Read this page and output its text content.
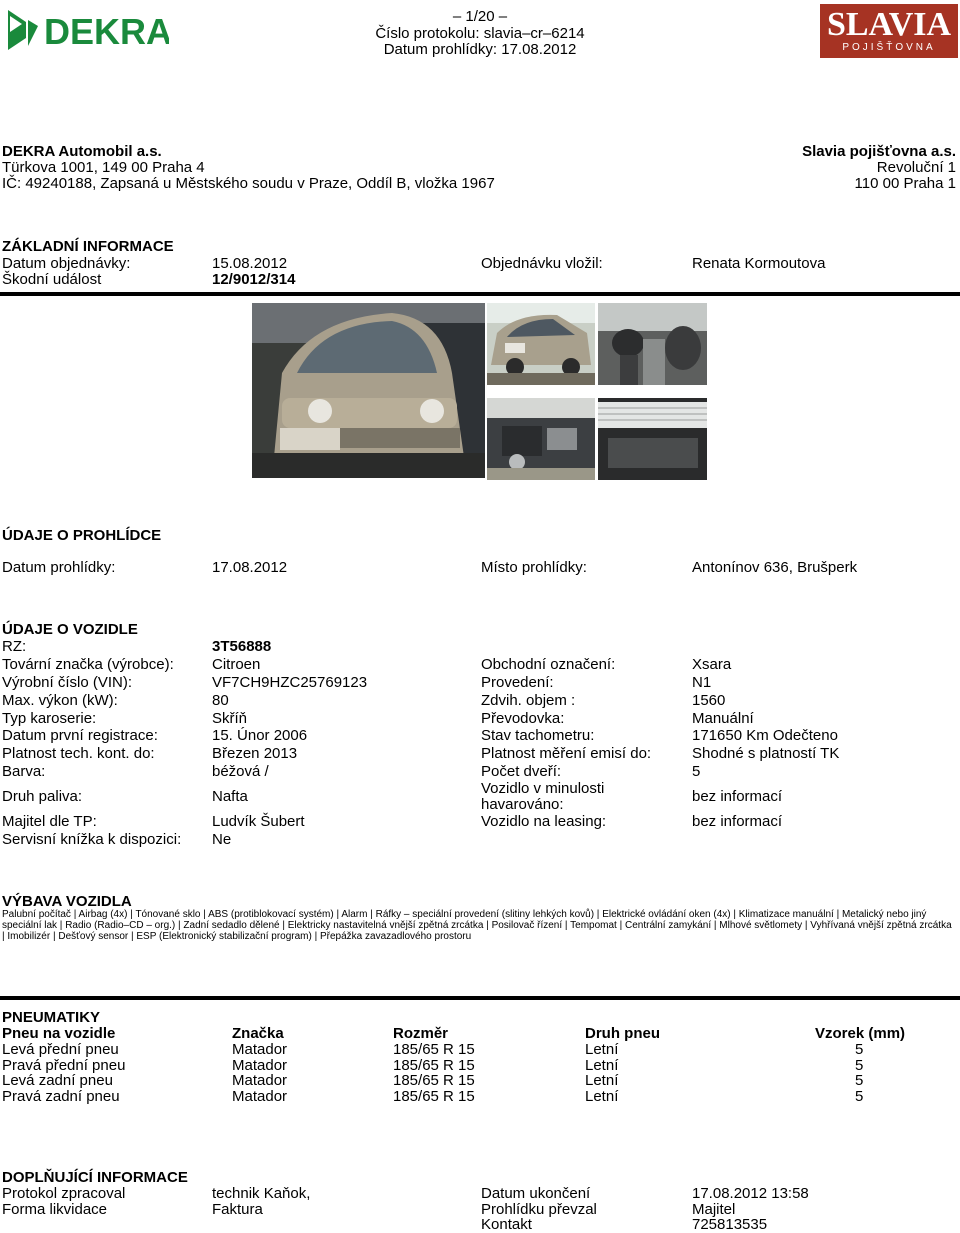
DEKRA	SLAVIA
POJIŠŤOVNA
– 1/20 –
Číslo protokolu: slavia–cr–6214
Datum prohlídky: 17.08.2012
DEKRA Automobil a.s.
Türkova 1001, 149 00 Praha 4
IČ: 49240188, Zapsaná u Městského soudu v Praze, Oddíl B, vložka 1967
Slavia pojišťovna a.s.
Revoluční 1
110 00 Praha 1
ZÁKLADNÍ INFORMACE
Datum objednávky:	15.08.2012	Objednávku vložil:	Renata Kormoutova
Škodní událost	12/9012/314
ÚDAJE O PROHLÍDCE
Datum prohlídky:	17.08.2012	Místo prohlídky:	Antonínov 636, Brušperk
ÚDAJE O VOZIDLE
RZ:	3T56888
Tovární značka (výrobce):	Citroen	Obchodní označení:	Xsara
Výrobní číslo (VIN):	VF7CH9HZC25769123	Provedení:	N1
Max. výkon (kW):	80	Zdvih. objem :	1560
Typ karoserie:	Skříň	Převodovka:	Manuální
Datum první registrace:	15. Únor 2006	Stav tachometru:	171650 Km Odečteno
Platnost tech. kont. do:	Březen 2013	Platnost měření emisí do:	Shodné s platností TK
Barva:	béžová /	Počet dveří:	5
Druh paliva:	Nafta	Vozidlo v minulosti
havarováno:	bez informací
Majitel dle TP:	Ludvík Šubert	Vozidlo na leasing:	bez informací
Servisní knížka k dispozici: Ne
VÝBAVA VOZIDLA
Palubní počítač | Airbag (4x) | Tónované sklo | ABS (protiblokovací systém) | Alarm | Ráfky – speciální provedení (slitiny lehkých kovů) | Elektrické ovládání oken (4x) | Klimatizace manuální | Metalický nebo jiný speciální lak | Radio (Radio–CD – org.) | Zadní sedadlo dělené | Elektricky nastavitelná vnější zpětná zrcátka | Posilovač řízení | Tempomat | Centrální zamykání | Mlhové světlomety | Vyhřívaná vnější zpětná zrcátka | Imobilizér | Dešťový sensor | ESP (Elektronický stabilizační program) | Přepážka zavazadlového prostoru
PNEUMATIKY
Pneu na vozidle	Značka	Rozměr	Druh pneu	Vzorek (mm)
Levá přední pneu	Matador	185/65 R 15	Letní	5
Pravá přední pneu	Matador	185/65 R 15	Letní	5
Levá zadní pneu	Matador	185/65 R 15	Letní	5
Pravá zadní pneu	Matador	185/65 R 15	Letní	5
DOPLŇUJÍCÍ INFORMACE
Protokol zpracoval	technik Kaňok,	Datum ukončení	17.08.2012 13:58
Forma likvidace	Faktura	Prohlídku převzal	Majitel
Kontakt	725813535
